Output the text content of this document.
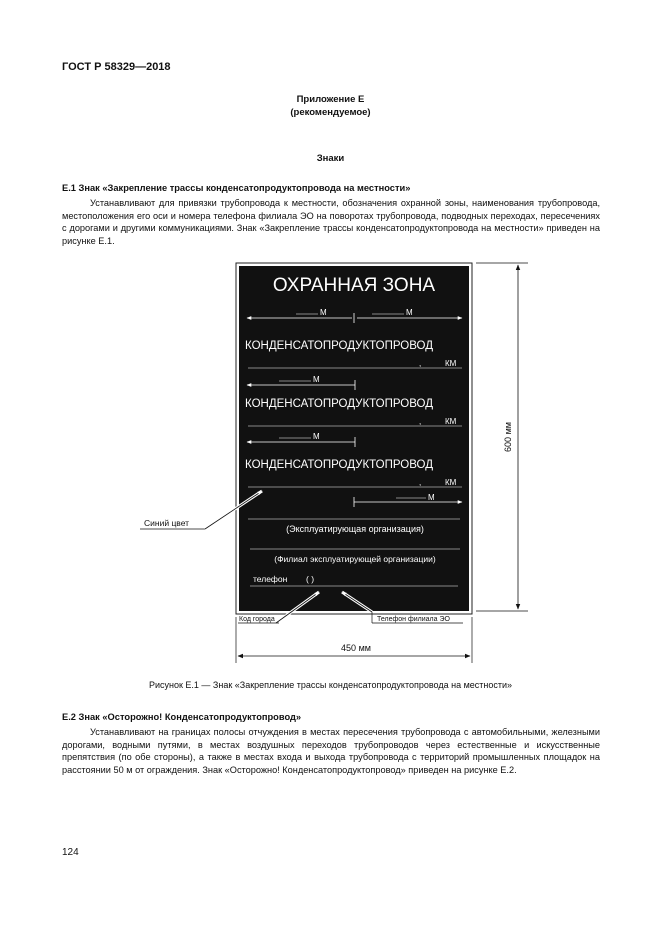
ГОСТ Р 58329—2018
Приложение Е
(рекомендуемое)
Знаки
Е.1 Знак «Закрепление трассы конденсатопродуктопровода на местности»
Устанавливают для привязки трубопровода к местности, обозначения охранной зоны, наименования трубопровода, местоположения его оси и номера телефона филиала ЭО на поворотах трубопровода, подводных переходах, пересечениях с дорогами и другими коммуникациями. Знак «Закрепление трассы конденсатопродуктопровода на местности» приведен на рисунке Е.1.
ОХРАННАЯ ЗОНА
М	М
КОНДЕНСАТОПРОДУКТОПРОВОД
,	КМ
М
КОНДЕНСАТОПРОДУКТОПРОВОД
,	КМ
М
КОНДЕНСАТОПРОДУКТОПРОВОД
,	КМ
М
(Эксплуатирующая организация)
(Филиал эксплуатирующей организации)
телефон ( )
Синий цвет
Код города	Телефон филиала ЭО
450 мм
600 мм
Рисунок Е.1 — Знак «Закрепление трассы конденсатопродуктопровода на местности»
Е.2 Знак «Осторожно! Конденсатопродуктопровод»
Устанавливают на границах полосы отчуждения в местах пересечения трубопровода с автомобильными, железными дорогами, водными путями, в местах воздушных переходов трубопроводов через естественные и искусственные препятствия (по обе стороны), а также в местах входа и выхода трубопровода с территорий промышленных площадок на расстоянии 50 м от ограждения. Знак «Осторожно! Конденсатопродуктопровод» приведен на рисунке Е.2.
124
